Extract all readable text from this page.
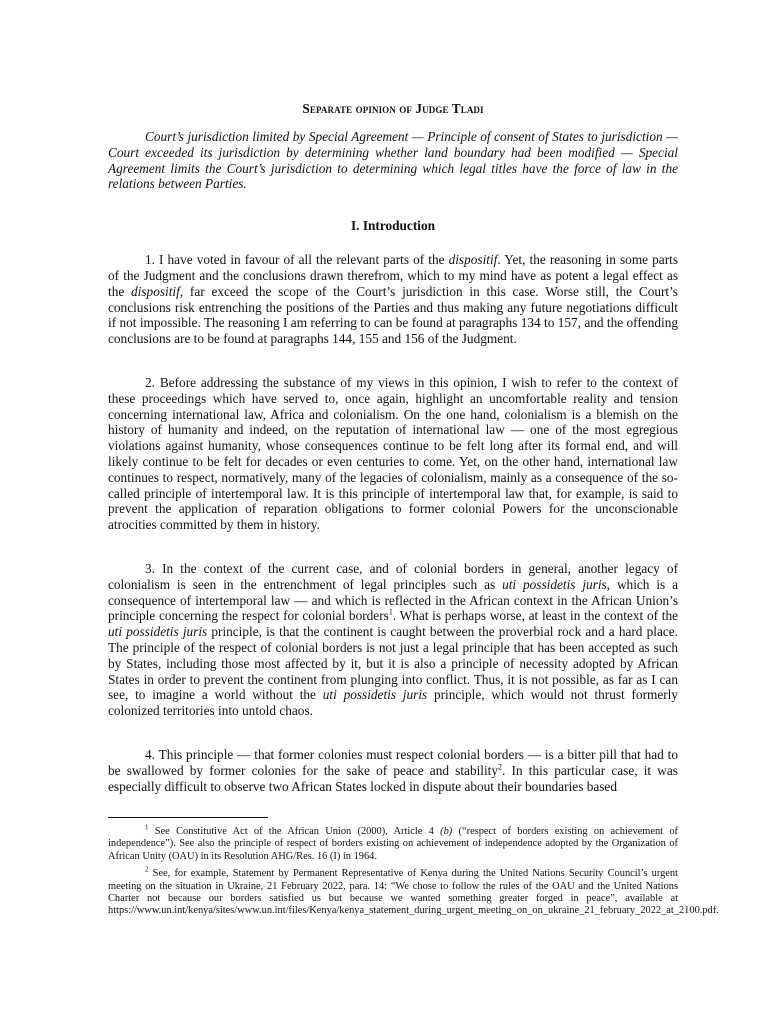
Separate opinion of Judge Tladi

Court’s jurisdiction limited by Special Agreement — Principle of consent of States to jurisdiction — Court exceeded its jurisdiction by determining whether land boundary had been modified — Special Agreement limits the Court’s jurisdiction to determining which legal titles have the force of law in the relations between Parties.

I. Introduction

1. I have voted in favour of all the relevant parts of the dispositif. Yet, the reasoning in some parts of the Judgment and the conclusions drawn therefrom, which to my mind have as potent a legal effect as the dispositif, far exceed the scope of the Court’s jurisdiction in this case. Worse still, the Court’s conclusions risk entrenching the positions of the Parties and thus making any future negotiations difficult if not impossible. The reasoning I am referring to can be found at paragraphs 134 to 157, and the offending conclusions are to be found at paragraphs 144, 155 and 156 of the Judgment.

2. Before addressing the substance of my views in this opinion, I wish to refer to the context of these proceedings which have served to, once again, highlight an uncomfortable reality and tension concerning international law, Africa and colonialism. On the one hand, colonialism is a blemish on the history of humanity and indeed, on the reputation of international law — one of the most egregious violations against humanity, whose consequences continue to be felt long after its formal end, and will likely continue to be felt for decades or even centuries to come. Yet, on the other hand, international law continues to respect, normatively, many of the legacies of colonialism, mainly as a consequence of the so-called principle of intertemporal law. It is this principle of intertemporal law that, for example, is said to prevent the application of reparation obligations to former colonial Powers for the unconscionable atrocities committed by them in history.

3. In the context of the current case, and of colonial borders in general, another legacy of colonialism is seen in the entrenchment of legal principles such as uti possidetis juris, which is a consequence of intertemporal law — and which is reflected in the African context in the African Union’s principle concerning the respect for colonial borders$^1$. What is perhaps worse, at least in the context of the uti possidetis juris principle, is that the continent is caught between the proverbial rock and a hard place. The principle of the respect of colonial borders is not just a legal principle that has been accepted as such by States, including those most affected by it, but it is also a principle of necessity adopted by African States in order to prevent the continent from plunging into conflict. Thus, it is not possible, as far as I can see, to imagine a world without the uti possidetis juris principle, which would not thrust formerly colonized territories into untold chaos.

4. This principle — that former colonies must respect colonial borders — is a bitter pill that had to be swallowed by former colonies for the sake of peace and stability$^2$. In this particular case, it was especially difficult to observe two African States locked in dispute about their boundaries based

$^1$ See Constitutive Act of the African Union (2000), Article 4 (b) (“respect of borders existing on achievement of independence”). See also the principle of respect of borders existing on achievement of independence adopted by the Organization of African Unity (OAU) in its Resolution AHG/Res. 16 (I) in 1964.

$^2$ See, for example, Statement by Permanent Representative of Kenya during the United Nations Security Council’s urgent meeting on the situation in Ukraine, 21 February 2022, para. 14: “We chose to follow the rules of the OAU and the United Nations Charter not because our borders satisfied us but because we wanted something greater forged in peace”, available at https://www.un.int/kenya/sites/www.un.int/files/Kenya/kenya_statement_during_urgent_meeting_on_on_ukraine_21_february_2022_at_2100.pdf.
